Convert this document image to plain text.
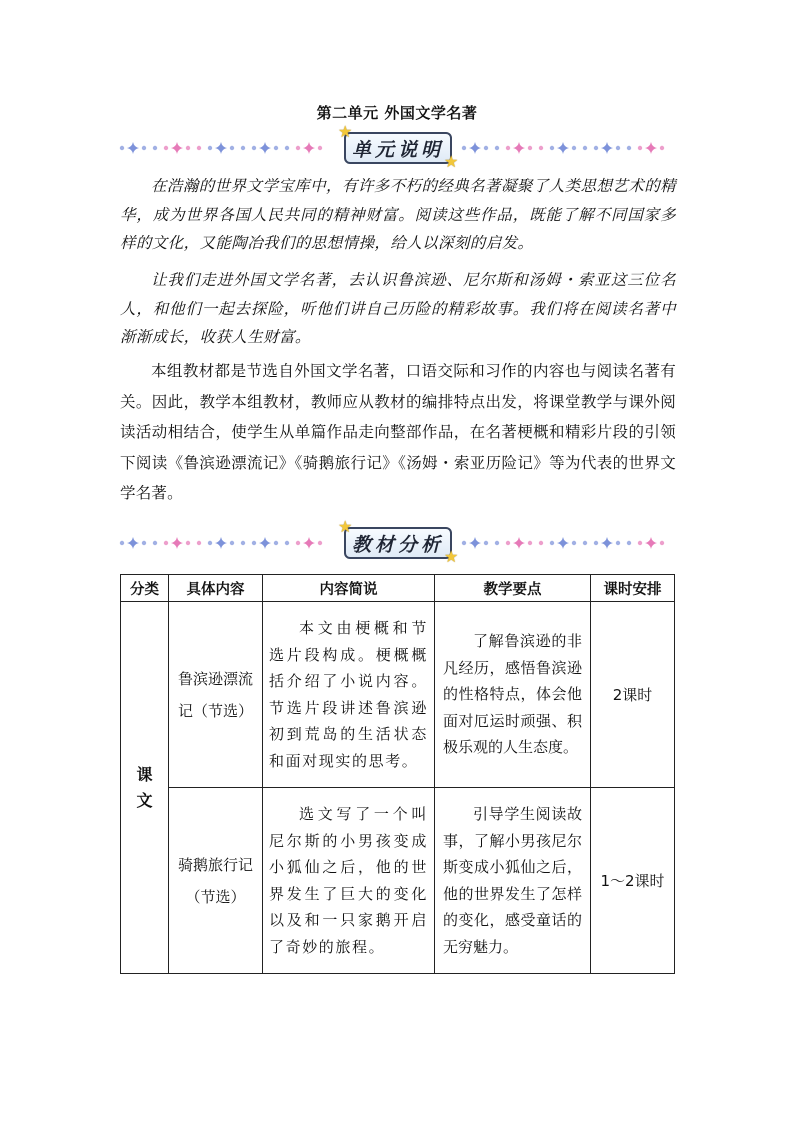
第二单元 外国文学名著
单元说明
★
★

在浩瀚的世界文学宝库中，有许多不朽的经典名著凝聚了人类思想艺术的精华，成为世界各国人民共同的精神财富。阅读这些作品，既能了解不同国家多样的文化，又能陶冶我们的思想情操，给人以深刻的启发。

让我们走进外国文学名著，去认识鲁滨逊、尼尔斯和汤姆・索亚这三位名人，和他们一起去探险，听他们讲自己历险的精彩故事。我们将在阅读名著中渐渐成长，收获人生财富。

本组教材都是节选自外国文学名著，口语交际和习作的内容也与阅读名著有关。因此，教学本组教材，教师应从教材的编排特点出发，将课堂教学与课外阅读活动相结合，使学生从单篇作品走向整部作品，在名著梗概和精彩片段的引领下阅读《鲁滨逊漂流记》《骑鹅旅行记》《汤姆・索亚历险记》等为代表的世界文学名著。

教材分析
★
★
分类	具体内容	内容简说	教学要点	课时安排
课文	鲁滨逊漂流记（节选）	本文由梗概和节选片段构成。梗概概括介绍了小说内容。节选片段讲述鲁滨逊初到荒岛的生活状态和面对现实的思考。	了解鲁滨逊的非凡经历，感悟鲁滨逊的性格特点，体会他面对厄运时顽强、积极乐观的人生态度。	2课时
	骑鹅旅行记（节选）	选文写了一个叫尼尔斯的小男孩变成小狐仙之后，他的世界发生了巨大的变化以及和一只家鹅开启了奇妙的旅程。	引导学生阅读故事，了解小男孩尼尔斯变成小狐仙之后，他的世界发生了怎样的变化，感受童话的无穷魅力。	1～2课时
